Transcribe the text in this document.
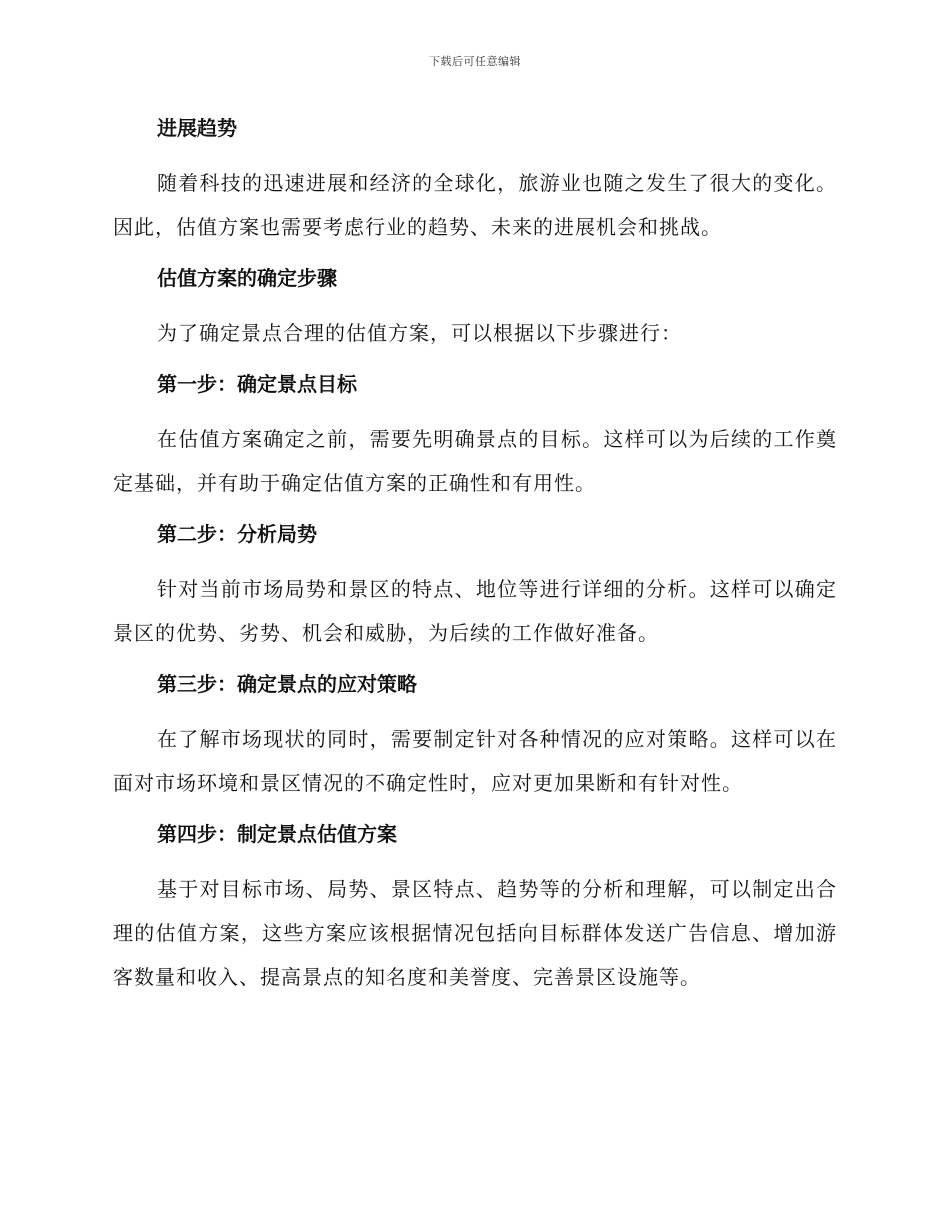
下载后可任意编辑
进展趋势

随着科技的迅速进展和经济的全球化，旅游业也随之发生了很大的变化。因此，估值方案也需要考虑行业的趋势、未来的进展机会和挑战。

估值方案的确定步骤

为了确定景点合理的估值方案，可以根据以下步骤进行：

第一步：确定景点目标

在估值方案确定之前，需要先明确景点的目标。这样可以为后续的工作奠定基础，并有助于确定估值方案的正确性和有用性。

第二步：分析局势

针对当前市场局势和景区的特点、地位等进行详细的分析。这样可以确定景区的优势、劣势、机会和威胁，为后续的工作做好准备。

第三步：确定景点的应对策略

在了解市场现状的同时，需要制定针对各种情况的应对策略。这样可以在面对市场环境和景区情况的不确定性时，应对更加果断和有针对性。

第四步：制定景点估值方案

基于对目标市场、局势、景区特点、趋势等的分析和理解，可以制定出合理的估值方案，这些方案应该根据情况包括向目标群体发送广告信息、增加游客数量和收入、提高景点的知名度和美誉度、完善景区设施等。
